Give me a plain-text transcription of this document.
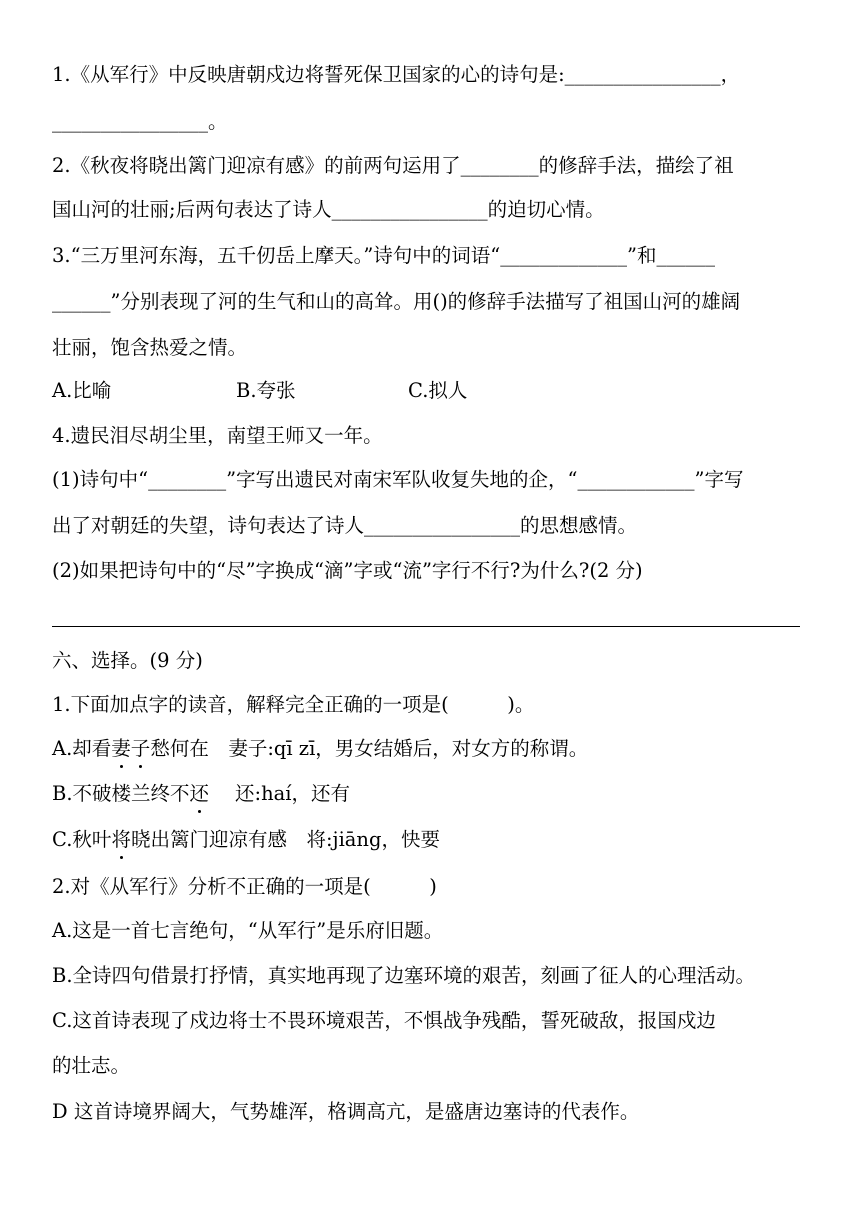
1.《从军行》中反映唐朝戍边将誓死保卫国家的心的诗句是:________________，
________________。
2.《秋夜将晓出篱门迎凉有感》的前两句运用了________的修辞手法，描绘了祖
国山河的壮丽;后两句表达了诗人________________的迫切心情。
3.“三万里河东海，五千仞岳上摩天。”诗句中的词语“_____________”和______
______”分别表现了河的生气和山的高耸。用()的修辞手法描写了祖国山河的雄阔
壮丽，饱含热爱之情。
A.比喻	B.夸张	C.拟人
4.遗民泪尽胡尘里，南望王师又一年。
(1)诗句中“________”字写出遗民对南宋军队收复失地的企，“____________”字写
出了对朝廷的失望，诗句表达了诗人________________的思想感情。
(2)如果把诗句中的“尽”字换成“滴”字或“流”字行不行?为什么?(2 分)
六、选择。(9 分)
1.下面加点字的读音，解释完全正确的一项是(　　　)。
A.却看妻子愁何在　妻子:qī zī，男女结婚后，对女方的称谓。
B.不破楼兰终不还 还:haí，还有
C.秋叶将晓出篱门迎凉有感　将:jiāng，快要
2.对《从军行》分析不正确的一项是(　　　)
A.这是一首七言绝句，“从军行”是乐府旧题。
B.全诗四句借景打抒情，真实地再现了边塞环境的艰苦，刻画了征人的心理活动。
C.这首诗表现了戍边将士不畏环境艰苦，不惧战争残酷，誓死破敌，报国戍边
的壮志。
D 这首诗境界阔大，气势雄浑，格调高亢，是盛唐边塞诗的代表作。
